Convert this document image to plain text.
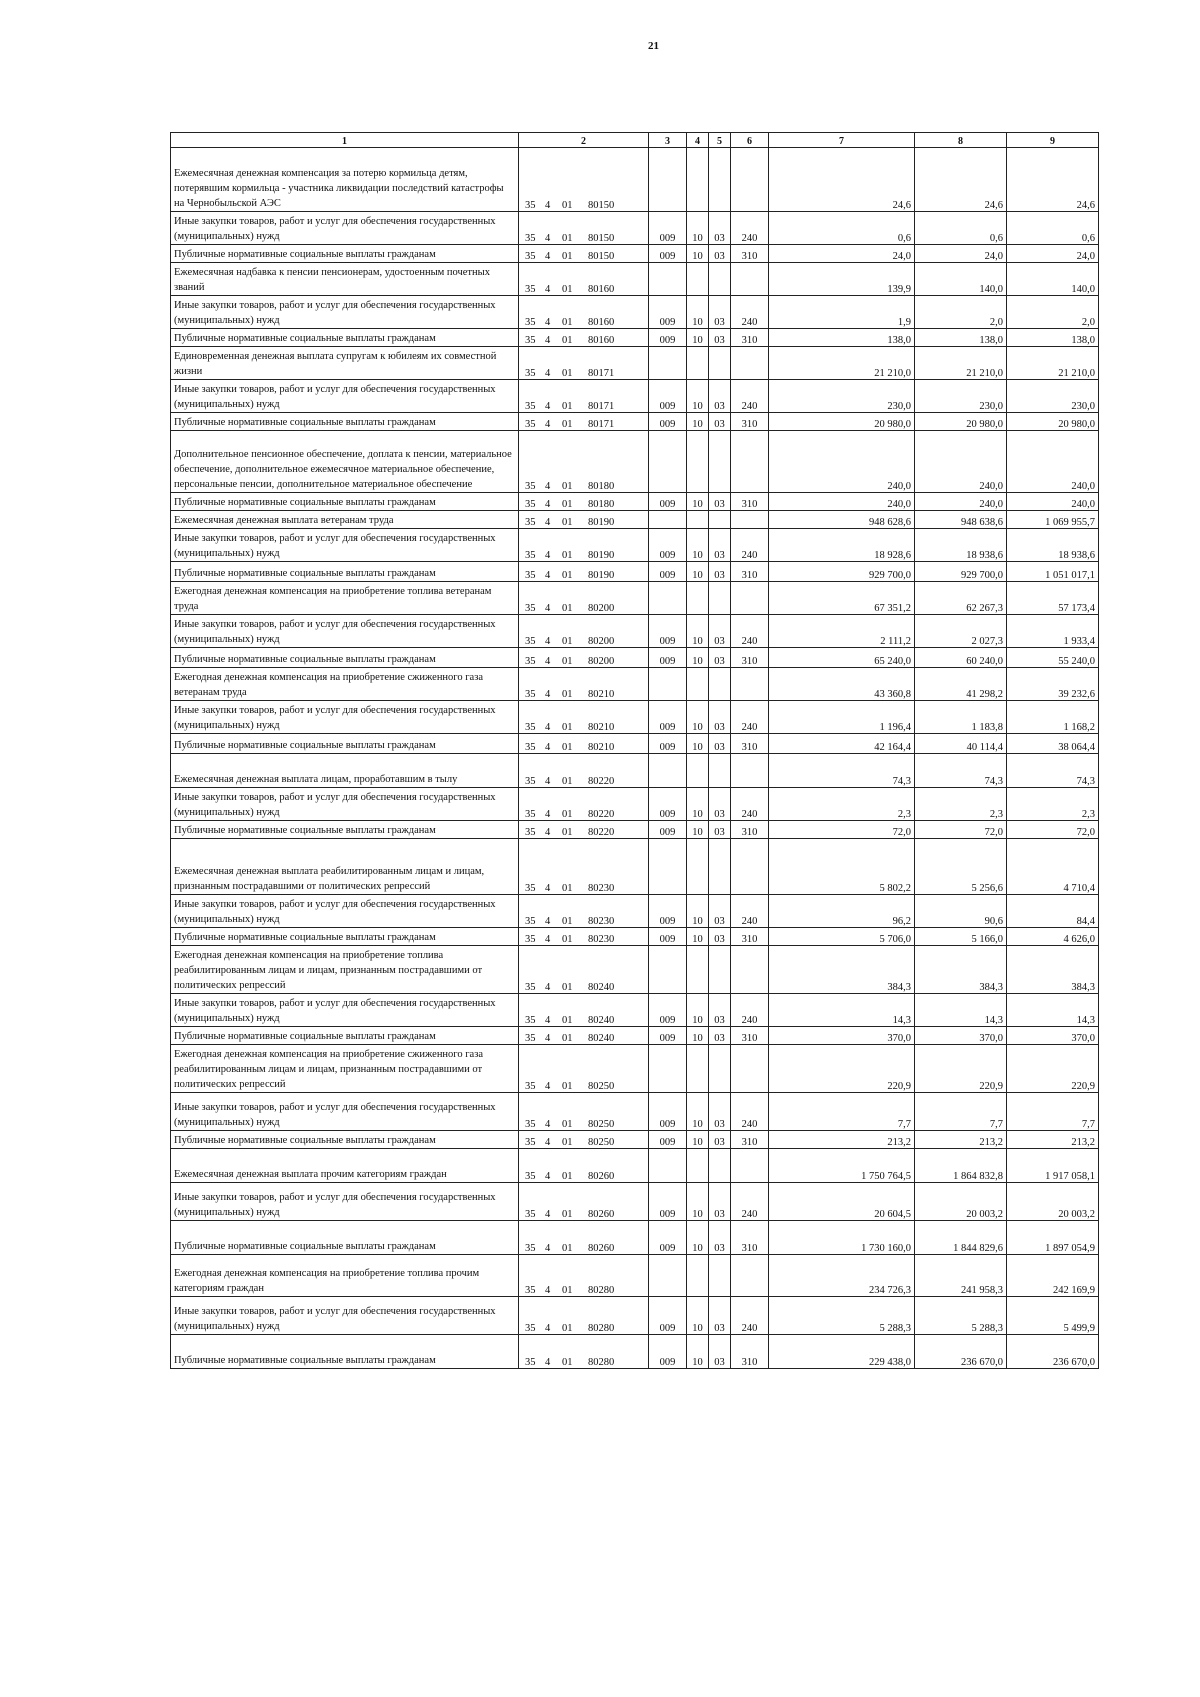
21
1	2	3	4	5	6	7	8	9
Ежемесячная денежная компенсация за потерю кормильца детям, потерявшим кормильца - участника ликвидации последствий катастрофы на Чернобыльской АЭС	35 4 01 80150					24,6	24,6	24,6
Иные закупки товаров, работ и услуг для обеспечения государственных (муниципальных) нужд	35 4 01 80150	009	10	03	240	0,6	0,6	0,6
Публичные нормативные социальные выплаты гражданам	35 4 01 80150	009	10	03	310	24,0	24,0	24,0
Ежемесячная надбавка к пенсии пенсионерам, удостоенным почетных званий	35 4 01 80160					139,9	140,0	140,0
Иные закупки товаров, работ и услуг для обеспечения государственных (муниципальных) нужд	35 4 01 80160	009	10	03	240	1,9	2,0	2,0
Публичные нормативные социальные выплаты гражданам	35 4 01 80160	009	10	03	310	138,0	138,0	138,0
Единовременная денежная выплата супругам к юбилеям их совместной жизни	35 4 01 80171					21 210,0	21 210,0	21 210,0
Иные закупки товаров, работ и услуг для обеспечения государственных (муниципальных) нужд	35 4 01 80171	009	10	03	240	230,0	230,0	230,0
Публичные нормативные социальные выплаты гражданам	35 4 01 80171	009	10	03	310	20 980,0	20 980,0	20 980,0
Дополнительное пенсионное обеспечение, доплата к пенсии, материальное обеспечение, дополнительное ежемесячное материальное обеспечение, персональные пенсии, дополнительное материальное обеспечение	35 4 01 80180					240,0	240,0	240,0
Публичные нормативные социальные выплаты гражданам	35 4 01 80180	009	10	03	310	240,0	240,0	240,0
Ежемесячная денежная выплата ветеранам труда	35 4 01 80190					948 628,6	948 638,6	1 069 955,7
Иные закупки товаров, работ и услуг для обеспечения государственных (муниципальных) нужд	35 4 01 80190	009	10	03	240	18 928,6	18 938,6	18 938,6
Публичные нормативные социальные выплаты гражданам	35 4 01 80190	009	10	03	310	929 700,0	929 700,0	1 051 017,1
Ежегодная денежная компенсация на приобретение топлива ветеранам труда	35 4 01 80200					67 351,2	62 267,3	57 173,4
Иные закупки товаров, работ и услуг для обеспечения государственных (муниципальных) нужд	35 4 01 80200	009	10	03	240	2 111,2	2 027,3	1 933,4
Публичные нормативные социальные выплаты гражданам	35 4 01 80200	009	10	03	310	65 240,0	60 240,0	55 240,0
Ежегодная денежная компенсация на приобретение сжиженного газа ветеранам труда	35 4 01 80210					43 360,8	41 298,2	39 232,6
Иные закупки товаров, работ и услуг для обеспечения государственных (муниципальных) нужд	35 4 01 80210	009	10	03	240	1 196,4	1 183,8	1 168,2
Публичные нормативные социальные выплаты гражданам	35 4 01 80210	009	10	03	310	42 164,4	40 114,4	38 064,4
Ежемесячная денежная выплата лицам, проработавшим в тылу	35 4 01 80220					74,3	74,3	74,3
Иные закупки товаров, работ и услуг для обеспечения государственных (муниципальных) нужд	35 4 01 80220	009	10	03	240	2,3	2,3	2,3
Публичные нормативные социальные выплаты гражданам	35 4 01 80220	009	10	03	310	72,0	72,0	72,0
Ежемесячная денежная выплата реабилитированным лицам и лицам, признанным пострадавшими от политических репрессий	35 4 01 80230					5 802,2	5 256,6	4 710,4
Иные закупки товаров, работ и услуг для обеспечения государственных (муниципальных) нужд	35 4 01 80230	009	10	03	240	96,2	90,6	84,4
Публичные нормативные социальные выплаты гражданам	35 4 01 80230	009	10	03	310	5 706,0	5 166,0	4 626,0
Ежегодная денежная компенсация на приобретение топлива реабилитированным лицам и лицам, признанным пострадавшими от политических репрессий	35 4 01 80240					384,3	384,3	384,3
Иные закупки товаров, работ и услуг для обеспечения государственных (муниципальных) нужд	35 4 01 80240	009	10	03	240	14,3	14,3	14,3
Публичные нормативные социальные выплаты гражданам	35 4 01 80240	009	10	03	310	370,0	370,0	370,0
Ежегодная денежная компенсация на приобретение сжиженного газа реабилитированным лицам и лицам, признанным пострадавшими от политических репрессий	35 4 01 80250					220,9	220,9	220,9
Иные закупки товаров, работ и услуг для обеспечения государственных (муниципальных) нужд	35 4 01 80250	009	10	03	240	7,7	7,7	7,7
Публичные нормативные социальные выплаты гражданам	35 4 01 80250	009	10	03	310	213,2	213,2	213,2
Ежемесячная денежная выплата прочим категориям граждан	35 4 01 80260					1 750 764,5	1 864 832,8	1 917 058,1
Иные закупки товаров, работ и услуг для обеспечения государственных (муниципальных) нужд	35 4 01 80260	009	10	03	240	20 604,5	20 003,2	20 003,2
Публичные нормативные социальные выплаты гражданам	35 4 01 80260	009	10	03	310	1 730 160,0	1 844 829,6	1 897 054,9
Ежегодная денежная компенсация на приобретение топлива прочим категориям граждан	35 4 01 80280					234 726,3	241 958,3	242 169,9
Иные закупки товаров, работ и услуг для обеспечения государственных (муниципальных) нужд	35 4 01 80280	009	10	03	240	5 288,3	5 288,3	5 499,9
Публичные нормативные социальные выплаты гражданам	35 4 01 80280	009	10	03	310	229 438,0	236 670,0	236 670,0
